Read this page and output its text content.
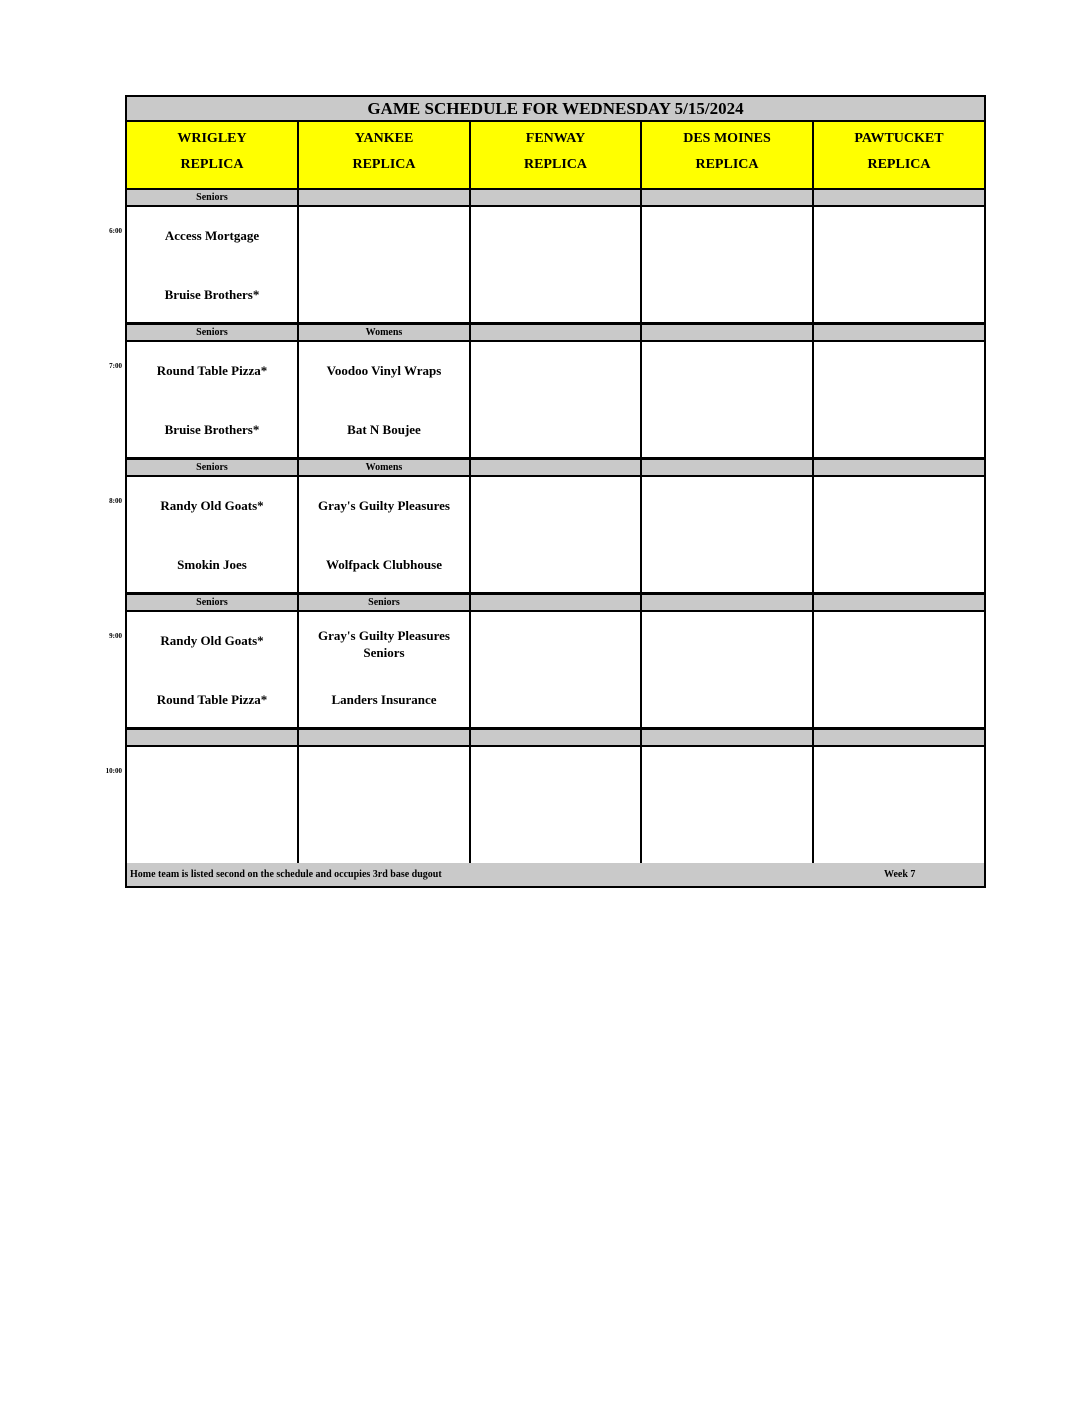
GAME SCHEDULE FOR WEDNESDAY 5/15/2024
WRIGLEY
REPLICA
YANKEE
REPLICA
FENWAY
REPLICA
DES MOINES
REPLICA
PAWTUCKET
REPLICA
Seniors
Access Mortgage
Bruise Brothers*
Seniors
Round Table Pizza*
Bruise Brothers*
Womens
Voodoo Vinyl Wraps
Bat N Boujee
Seniors
Randy Old Goats*
Smokin Joes
Womens
Gray's Guilty Pleasures
Wolfpack Clubhouse
Seniors
Randy Old Goats*
Round Table Pizza*
Seniors
Gray's Guilty Pleasures Seniors
Landers Insurance
Home team is listed second on the schedule and occupies 3rd base dugout	Week 7
6:00
7:00
8:00
9:00
10:00
